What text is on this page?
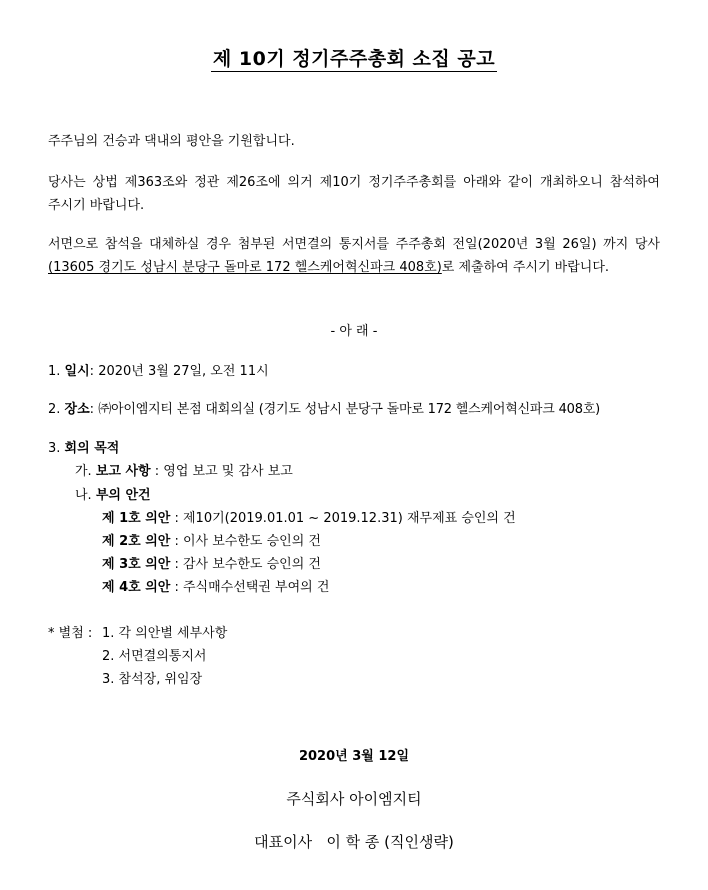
제 10기 정기주주총회 소집 공고
주주님의 건승과 댁내의 평안을 기원합니다.
당사는 상법 제363조와 정관 제26조에 의거 제10기 정기주주총회를 아래와 같이 개최하오니 참석하여 주시기 바랍니다.
서면으로 참석을 대체하실 경우 첨부된 서면결의 통지서를 주주총회 전일(2020년 3월 26일) 까지 당사 (13605 경기도 성남시 분당구 돌마로 172 헬스케어혁신파크 408호)로 제출하여 주시기 바랍니다.
- 아 래 -
1. 일시: 2020년 3월 27일, 오전 11시
2. 장소: ㈜아이엠지티 본점 대회의실 (경기도 성남시 분당구 돌마로 172 헬스케어혁신파크 408호)
3. 회의 목적
가. 보고 사항 : 영업 보고 및 감사 보고
나. 부의 안건
제 1호 의안 : 제10기(2019.01.01 ~ 2019.12.31) 재무제표 승인의 건
제 2호 의안 : 이사 보수한도 승인의 건
제 3호 의안 : 감사 보수한도 승인의 건
제 4호 의안 : 주식매수선택권 부여의 건
* 별첨 : 1. 각 의안별 세부사항
2. 서면결의통지서
3. 참석장, 위임장
2020년 3월 12일
주식회사 아이엠지티
대표이사   이 학 종 (직인생략)
